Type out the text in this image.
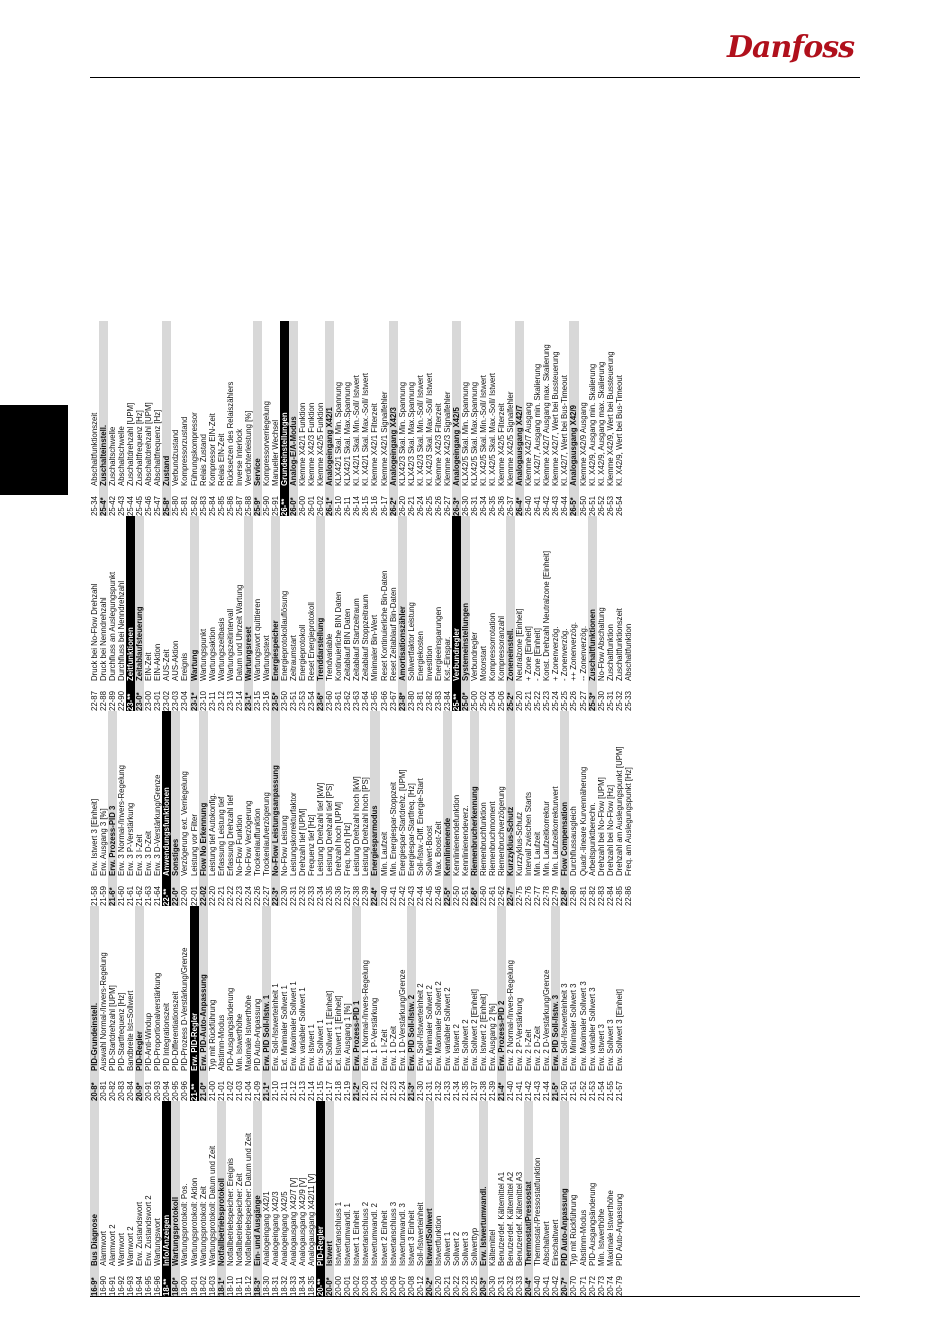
Danfoss
16-9*
Bus Diagnose
16-90
Alarmwort
16-91
Alarmwort 2
16-92
Warnwort
16-93
Warnwort 2
16-94
Erw. Zustandswort
16-95
Erw. Zustandswort 2
16-96
Wartungswort
18-**
Info/Anzeigen
18-0*
Wartungsprotokoll
18-00
Wartungsprotokoll: Pos.
18-01
Wartungsprotokoll: Aktion
18-02
Wartungsprotokoll: Zeit
18-03
Wartungsprotokoll: Datum und Zeit
18-1*
Notfallbetriebsprotokoll
18-10
Notfallbetriebspeicher: Ereignis
18-11
Notfallbetriebspeicher: Zeit
18-12
Notfallbetriebspeicher: Datum und Zeit
18-3*
Ein- und Ausgänge
18-30
Analogeingang X42/1
18-31
Analogeingang X42/3
18-32
Analogeingang X42/5
18-33
Analogausgang X42/7 [V]
18-34
Analogausgang X42/9 [V]
18-35
Analogausgang X42/11 [V]
20-**
PID-Regler
20-0*
Istwert
20-00
Istwertanschluss 1
20-01
Istwertumwandl. 1
20-02
Istwert 1 Einheit
20-03
Istwertanschluss 2
20-04
Istwertumwandl. 2
20-05
Istwert 2 Einheit
20-06
Istwertanschluss 3
20-07
Istwertumwandl. 3
20-08
Istwert 3 Einheit
20-12
Soll-/Istwerteinheit
20-2*
Istwert/Sollwert
20-20
Istwertfunktion
20-21
Sollwert 1
20-22
Sollwert 2
20-23
Sollwert 3
20-25
Sollwerttyp
20-3*
Erw. Istwertumwandl.
20-30
Kältemittel
20-31
Benutzerdef. Kältemittel A1
20-32
Benutzerdef. Kältemittel A2
20-33
Benutzerdef. Kältemittel A3
20-4*
Thermostat/Pressostat
20-40
Thermostat-/Pressostatfunktion
20-41
Abschaltwert
20-42
Einschaltwert
20-7*
PID Auto-Anpassung
20-70
Typ mit Rückführung
20-71
Abstimm-Modus
20-72
PID-Ausgangsänderung
20-73
Min. Istwerthöhe
20-74
Maximale Istwerthöhe
20-79
PID Auto-Anpassung
20-8*
PID-Grundeinstell.
20-81
Auswahl Normal-/Invers-Regelung
20-82
PID-Startdrehzahl [UPM]
20-83
PID-Startfrequenz [Hz]
20-84
Bandbreite Ist=Sollwert
20-9*
PID-Regler
20-91
PID-Anti-Windup
20-93
PID-Proportionalverstärkung
20-94
PID Integrationszeit
20-95
PID-Differentiationszeit
20-96
PID-Prozess D-Verstärkung/Grenze
21-**
Erw. PID-Regler
21-0*
Erw. PID-Auto-Anpassung
21-00
Typ mit Rückführung
21-01
Abstimm-Modus
21-02
PID-Ausgangsänderung
21-03
Min. Istwerthöhe
21-04
Maximale Istwerthöhe
21-09
PID Auto-Anpassung
21-1*
Erw. PID Soll-/Istw. 1
21-10
Erw. Soll-/Istwerteinheit 1
21-11
Ext. Minimaler Sollwert 1
21-12
Erw. Maximaler Sollwert 1
21-13
Erw. variabler Sollwert 1
21-14
Erw. Istwert 1
21-15
Erw. Sollwert 1
21-17
Ext. Sollwert 1 [Einheit]
21-18
Ext. Istwert 1 [Einheit]
21-19
Erw. Ausgang 1 [%]
21-2*
Erw. Prozess-PID 1
21-20
Erw. 1 Normal-/Invers-Regelung
21-21
Erw. 1 P-Verstärkung
21-22
Erw. 1 I-Zeit
21-23
Erw. 1 D-Zeit
21-24
Erw. 1 D-Verstärkung/Grenze
21-3*
Erw. PID Soll-/Istw. 2
21-30
Erw. Soll-/Istwerteinheit 2
21-31
Ext. Minimaler Sollwert 2
21-32
Erw. Maximaler Sollwert 2
21-33
Erw. variabler Sollwert 2
21-34
Erw. Istwert 2
21-35
Erw. Sollwert 2
21-37
Erw. Sollwert 2 [Einheit]
21-38
Erw. Istwert 2 [Einheit]
21-39
Erw. Ausgang 2 [%]
21-4*
Erw. Prozess-PID 2
21-40
Erw. 2 Normal-/Invers-Regelung
21-41
Erw. 2 P-Verstärkung
21-42
Erw. 2 I-Zeit
21-43
Erw. 2 D-Zeit
21-44
Erw. 2 D-Verstärkung/Grenze
21-5*
Erw. PID Soll-/Istw. 3
21-50
Erw. Soll-/Istwerteinheit 3
21-51
Erw. Minimaler Sollwert 3
21-52
Erw. Maximaler Sollwert 3
21-53
Erw. variabler Sollwert 3
21-54
Erw. Istwert 3
21-55
Erw. Sollwert 3
21-57
Erw. Sollwert 3 [Einheit]
21-58
Erw. Istwert 3 [Einheit]
21-59
Erw. Ausgang 3 [%]
21-6*
Erw. Prozess-PID 3
21-60
Erw. 3 Normal-/Invers-Regelung
21-61
Erw. 3 P-Verstärkung
21-62
Erw. 3 I-Zeit
21-63
Erw. 3 D-Zeit
21-64
Erw. 3 D-Verstärkung/Grenze
22-**
Anwendungsfunktionen
22-0*
Sonstiges
22-00
Verzögerung ext. Verriegelung
22-01
Leistung vor Filter
22-02
Flow No Erkennung
22-20
Leistung tief Autokonfig.
22-21
Erfassung Leistung tief
22-22
Erfassung Drehzahl tief
22-23
No-Flow Funktion
22-24
No-Flow Verzögerung
22-26
Trockenlauffunktion
22-27
Trockenlaufverzögerung
22-3*
No-Flow Leistungsanpassung
22-30
No-Flow Leistung
22-31
Leistungskorrekturfaktor
22-32
Drehzahl tief [UPM]
22-33
Frequenz tief [Hz]
22-34
Leistung Drehzahl tief [kW]
22-35
Leistung Drehzahl tief [PS]
22-36
Drehzahl hoch [UPM]
22-37
Freq. hoch [Hz]
22-38
Leistung Drehzahl hoch [kW]
22-39
Leistung Drehzahl hoch [PS]
22-4*
Energiesparmodus
22-40
Min. Laufzeit
22-41
Min. Energiespar-Stoppzeit
22-42
Energiespar-Startdrehz. [UPM]
22-43
Energiespar-Startfreq. [Hz]
22-44
Soll-/Istw.-Diff. Energie-Start
22-45
Sollwert-Boost
22-46
Max. Boost-Zeit
22-5*
Kennlinienende
22-50
Kennlinienendefunktion
22-51
Kennlinienendeverz.
22-6*
Riemenbrucherkennung
22-60
Riemenbruchfunktion
22-61
Riemenbruchmoment
22-62
Riemenbruchverzögerung
22-7*
Kurzzyklus-Schutz
22-75
Kurzzyklus-Schutz
22-76
Intervall zwischen Starts
22-77
Min. Laufzeit
22-78
Min. Laufzeitkorrektur
22-79
Min. Laufzeitkorrekturwert
22-8*
Flow Compensation
22-80
Durchflussausgleich
22-81
Quadr.-lineare Kurvennäherung
22-82
Arbeitspunktberechn.
22-83
Drehzahl bei No-Flow [UPM]
22-84
Drehzahl bei No-Flow [Hz]
22-85
Drehzahl am Auslegungspunkt [UPM]
22-86
Freq. am Auslegungspunkt [Hz]
22-87
Druck bei No-Flow Drehzahl
22-88
Druck bei Nenndrehzahl
22-89
Durchfluss an Auslegungspunkt
22-90
Durchfluss bei Nenndrehzahl
23-**
Zeitfunktionen
23-0*
Zeitablaufsteuerung
23-00
EIN-Zeit
23-01
EIN-Aktion
23-02
AUS-Zeit
23-03
AUS-Aktion
23-04
Ereignis
23-1*
Wartung
23-10
Wartungspunkt
23-11
Wartungsaktion
23-12
Wartungszeitbasis
23-13
Wartungszeitintervall
23-14
Datum und Uhrzeit Wartung
23-1*
Wartungsreset
23-15
Wartungswort quittieren
23-16
Wartungstext
23-5*
Energiespeicher
23-50
Energieprotokollauflösung
23-51
Zeitraumstart
23-53
Energieprotokoll
23-54
Reset Energieprotokoll
23-6*
Trenddarstellung
23-60
Trendvariable
23-61
Kontinuierliche BIN Daten
23-62
Zeitablauf BIN Daten
23-63
Zeitablauf Startzeitraum
23-64
Zeitablauf Stoppzeitraum
23-65
Minimaler Bin-Wert
23-66
Reset Kontinuierliche Bin-Daten
23-67
Reset Zeitablauf Bin-Daten
23-8*
Amortisationszähler
23-80
Sollwertfaktor Leistung
23-81
Energiekosten
23-82
Investition
23-83
Energieeinsparungen
23-84
Kst.-Einspar.
25-**
Verbundregler
25-0*
Systemeinstellungen
25-00
Verbundregler
25-02
Motorstart
25-04
Kompressorrotation
25-06
Kompressoranzahl
25-2*
Zoneneinstell.
25-20
Neutralzone [Einheit]
25-21
+ Zone [Einheit]
25-22
- Zone [Einheit]
25-23
Konst. Drehzahl Neutralzone [Einheit]
25-24
+ Zonenverzög.
25-25
- Zonenverzög.
25-26
++ Zonenverzög.
25-27
-- Zonenverzög.
25-3*
Zuschaltfunktionen
25-30
No-Flow Abschaltung
25-31
Zuschaltfunktion
25-32
Zuschaltfunktionszeit
25-33
Abschaltfunktion
25-34
Abschaltfunktionszeit
25-4*
Zuschalteinstell.
25-42
Zuschaltschwelle
25-43
Abschaltschwelle
25-44
Zuschaltdrehzahl [UPM]
25-45
Zuschaltfrequenz [Hz]
25-46
Abschaltdrehzahl [UPM]
25-47
Abschaltfrequenz [Hz]
25-8*
Zustand
25-80
Verbundzustand
25-81
Kompressorzustand
25-82
Führungskompressor
25-83
Relais Zustand
25-84
Kompressor EIN-Zeit
25-85
Relais EIN-Zeit
25-86
Rücksetzen des Relaiszählers
25-87
Inverse Interlock
25-88
Verdichterleistung [%]
25-9*
Service
25-90
Kompressorverriegelung
25-91
Manueller Wechsel
26-**
Grundeinstellungen
26-0*
Analog-E/A-Modus
26-00
Klemme X42/1 Funktion
26-01
Klemme X42/3 Funktion
26-02
Klemme X42/5 Funktion
26-1*
Analogeingang X42/1
26-10
KLX42/1 Skal. Min. Spannung
26-11
KLX42/1 Skal. Max.Spannung
26-14
Kl. X42/1 Skal. Min.-Soll/ Istwert
26-15
Kl. X42/1 Skal. Max.-Soll/ Istwert
26-16
Klemme X42/1 Filterzeit
26-17
Klemme X42/1 Signalfehler
26-2*
Analogeingang X42/3
26-20
KLX42/3 Skal. Min. Spannung
26-21
KLX42/3 Skal. Max.Spannung
26-24
Kl. X42/3 Skal. Min.-Soll/ Istwert
26-25
Kl. X42/3 Skal. Max.-Soll/ Istwert
26-26
Klemme X42/3 Filterzeit
26-27
Klemme X42/3 Signalfehler
26-3*
Analogeingang X42/5
26-30
KLX42/5 Skal. Min. Spannung
26-31
KLX42/5 Skal. Max.Spannung
26-34
Kl. X42/5 Skal. Min.-Soll/ Istwert
26-35
Kl. X42/5 Skal. Max.-Soll/ Istwert
26-36
Klemme X42/5 Filterzeit
26-37
Klemme X42/5 Signalfehler
26-4*
Analogausgang X42/7
26-40
Klemme X42/7 Ausgang
26-41
Kl. X42/7, Ausgang min. Skalierung
26-42
Klemme X42/7 Ausgang max. Skalierung
26-43
Klemme X42/7, Wert bei Bussteuerung
26-44
Kl. X42/7, Wert bei Bus-Timeout
26-5*
Analogausgang X42/9
26-50
Klemme X42/9 Ausgang
26-51
Kl. X42/9, Ausgang min. Skalierung
26-52
Kl. X42/9, Ausgang max. Skalierung
26-53
Klemme X42/9, Wert bei Bussteuerung
26-54
Kl. X42/9, Wert bei Bus-Timeout
